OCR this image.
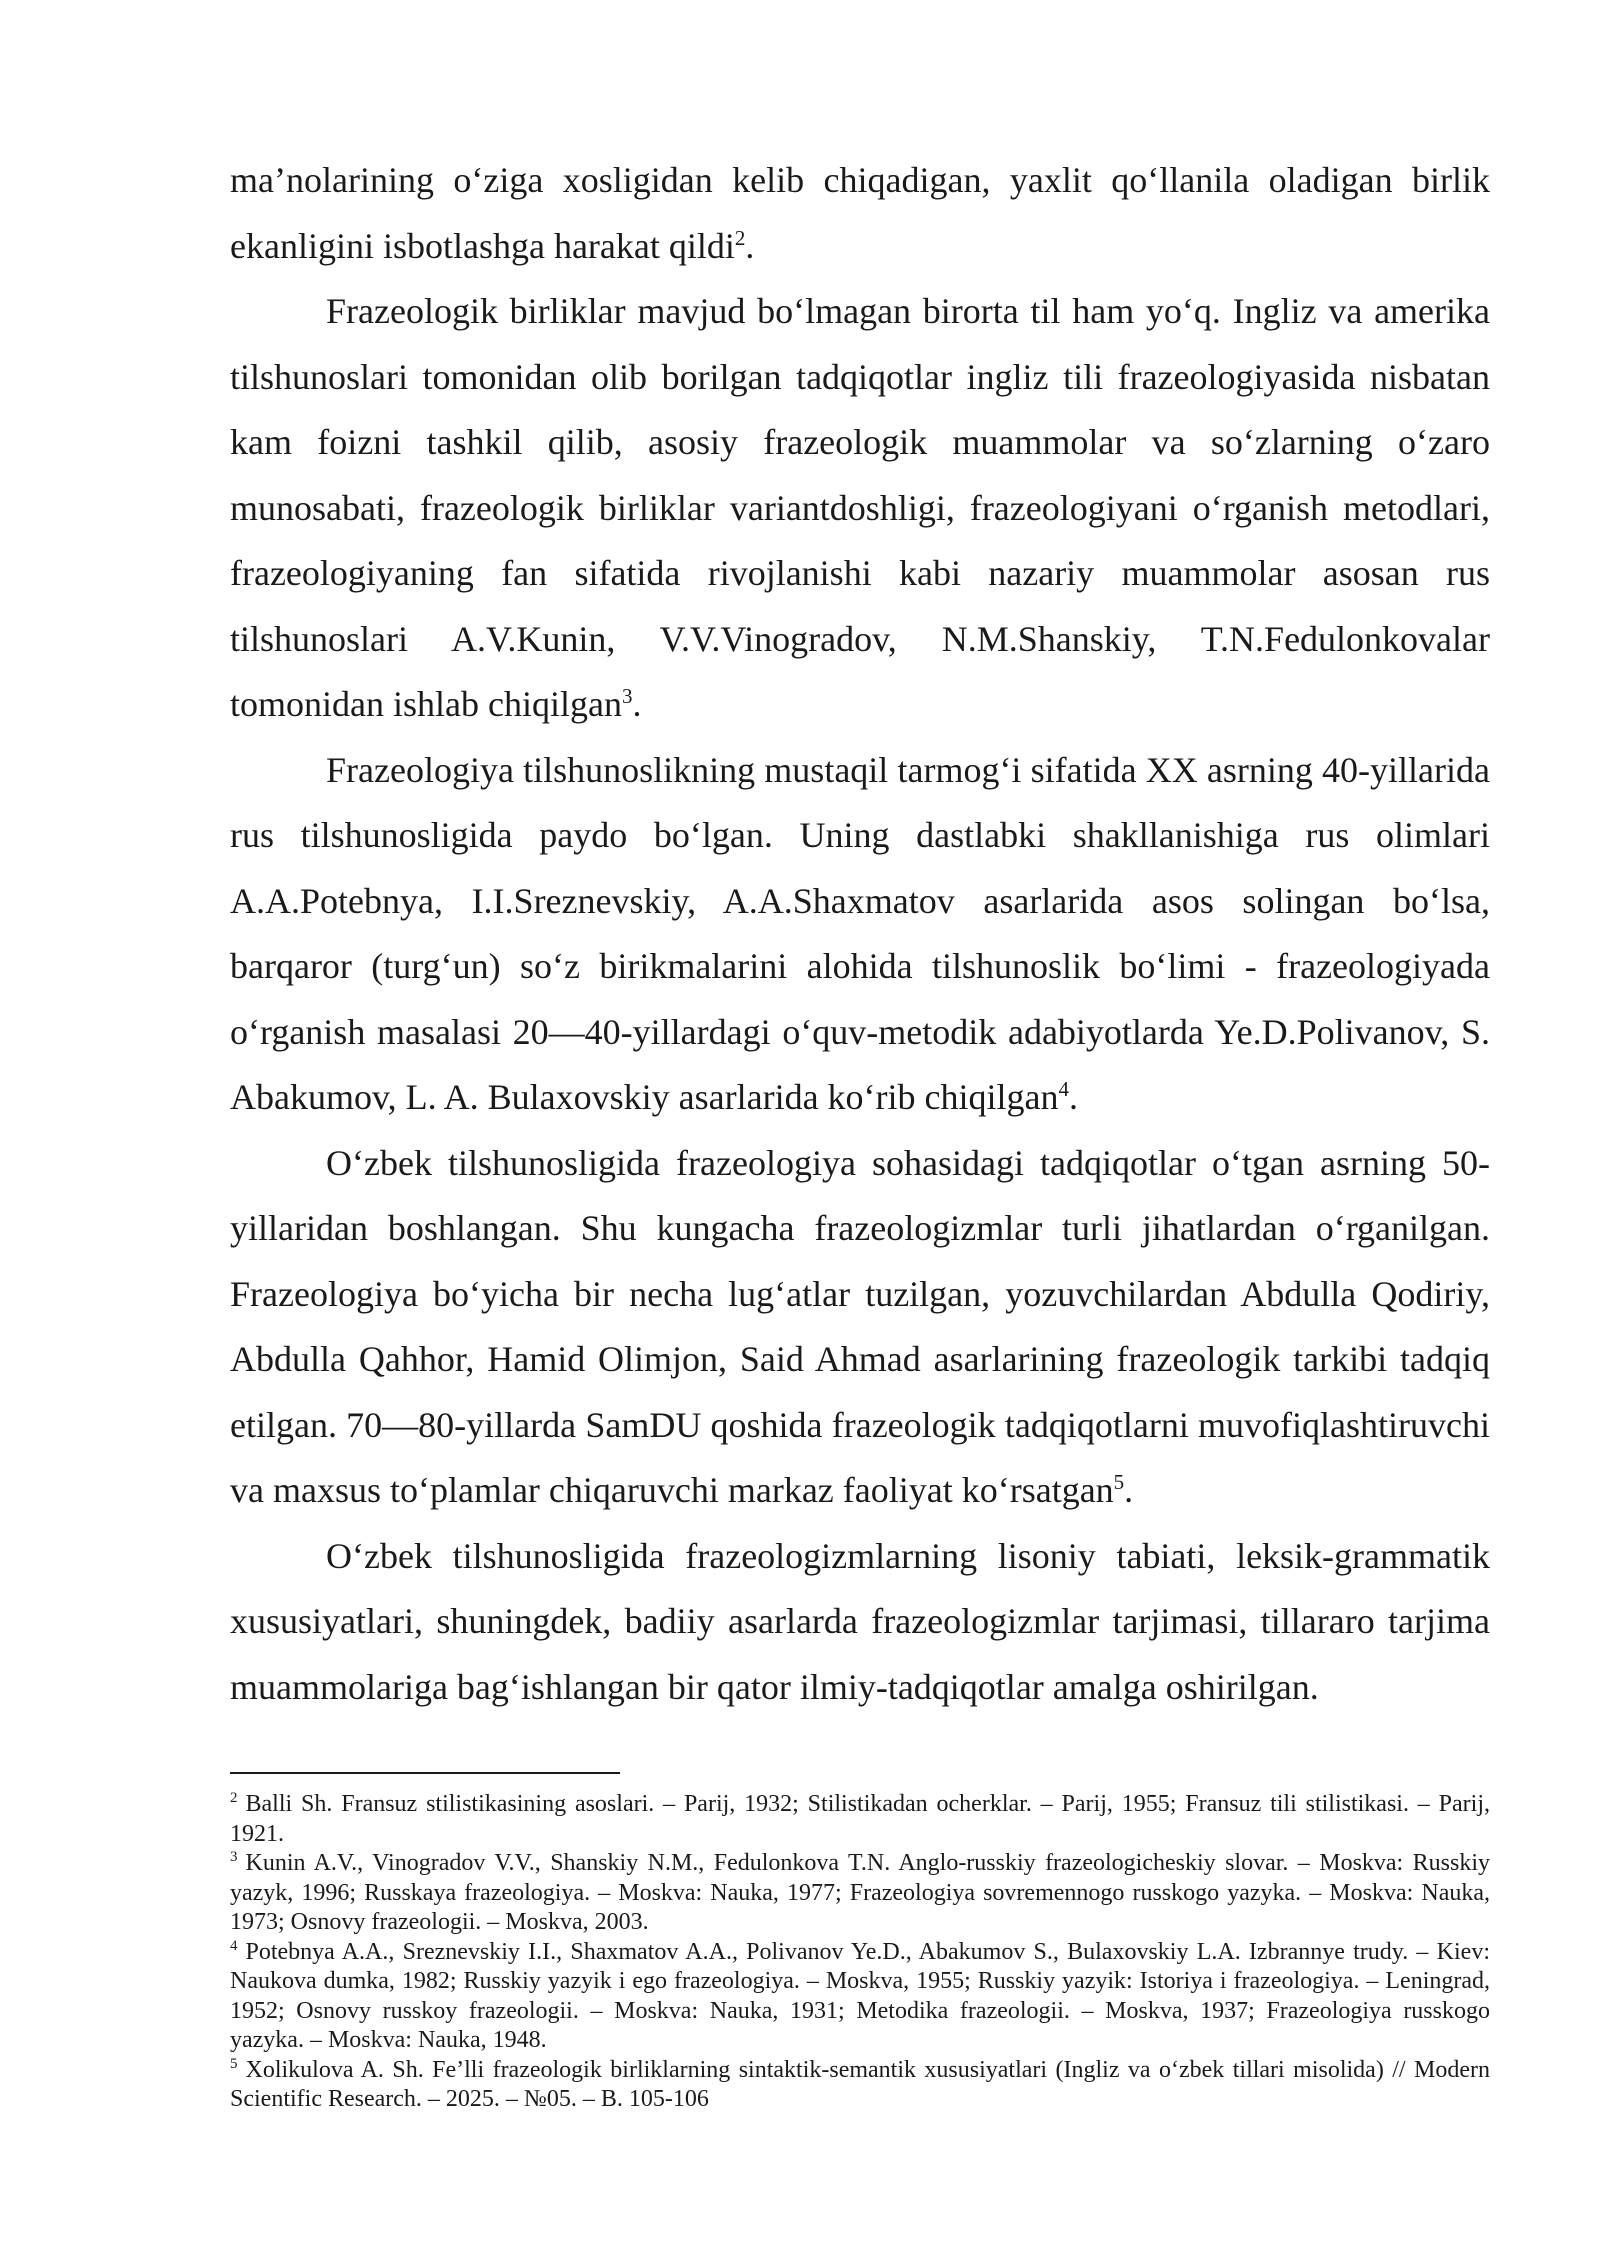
ma’nolarining o‘ziga xosligidan kelib chiqadigan, yaxlit qo‘llanila oladigan birlik ekanligini isbotlashga harakat qildi$^2$.

Frazeologik birliklar mavjud bo‘lmagan birorta til ham yo‘q. Ingliz va amerika tilshunoslari tomonidan olib borilgan tadqiqotlar ingliz tili frazeologiyasida nisbatan kam foizni tashkil qilib, asosiy frazeologik muammolar va so‘zlarning o‘zaro munosabati, frazeologik birliklar variantdoshligi, frazeologiyani o‘rganish metodlari, frazeologiyaning fan sifatida rivojlanishi kabi nazariy muammolar asosan rus tilshunoslari A.V.Kunin, V.V.Vinogradov, N.M.Shanskiy, T.N.Fedulonkovalar tomonidan ishlab chiqilgan$^3$.

Frazeologiya tilshunoslikning mustaqil tarmog‘i sifatida XX asrning 40-yillarida rus tilshunosligida paydo bo‘lgan. Uning dastlabki shakllanishiga rus olimlari A.A.Potebnya, I.I.Sreznevskiy, A.A.Shaxmatov asarlarida asos solingan bo‘lsa, barqaror (turg‘un) so‘z birikmalarini alohida tilshunoslik bo‘limi - frazeologiyada o‘rganish masalasi 20—40-yillardagi o‘quv-metodik adabiyotlarda Ye.D.Polivanov, S. Abakumov, L. A. Bulaxovskiy asarlarida ko‘rib chiqilgan$^4$.

O‘zbek tilshunosligida frazeologiya sohasidagi tadqiqotlar o‘tgan asrning 50-yillaridan boshlangan. Shu kungacha frazeologizmlar turli jihatlardan o‘rganilgan. Frazeologiya bo‘yicha bir necha lug‘atlar tuzilgan, yozuvchilardan Abdulla Qodiriy, Abdulla Qahhor, Hamid Olimjon, Said Ahmad asarlarining frazeologik tarkibi tadqiq etilgan. 70—80-yillarda SamDU qoshida frazeologik tadqiqotlarni muvofiqlashtiruvchi va maxsus to‘plamlar chiqaruvchi markaz faoliyat ko‘rsatgan$^5$.

O‘zbek tilshunosligida frazeologizmlarning lisoniy tabiati, leksik-grammatik xususiyatlari, shuningdek, badiiy asarlarda frazeologizmlar tarjimasi, tillararo tarjima muammolariga bag‘ishlangan bir qator ilmiy-tadqiqotlar amalga oshirilgan.

$^2$ Balli Sh. Fransuz stilistikasining asoslari. – Parij, 1932; Stilistikadan ocherklar. – Parij, 1955; Fransuz tili stilistikasi. – Parij, 1921.

$^3$ Kunin A.V., Vinogradov V.V., Shanskiy N.M., Fedulonkova T.N. Anglo-russkiy frazeologicheskiy slovar. – Moskva: Russkiy yazyk, 1996; Russkaya frazeologiya. – Moskva: Nauka, 1977; Frazeologiya sovremennogo russkogo yazyka. – Moskva: Nauka, 1973; Osnovy frazeologii. – Moskva, 2003.

$^4$ Potebnya A.A., Sreznevskiy I.I., Shaxmatov A.A., Polivanov Ye.D., Abakumov S., Bulaxovskiy L.A. Izbrannye trudy. – Kiev: Naukova dumka, 1982; Russkiy yazyik i ego frazeologiya. – Moskva, 1955; Russkiy yazyik: Istoriya i frazeologiya. – Leningrad, 1952; Osnovy russkoy frazeologii. – Moskva: Nauka, 1931; Metodika frazeologii. – Moskva, 1937; Frazeologiya russkogo yazyka. – Moskva: Nauka, 1948.

$^5$ Xolikulova A. Sh. Fe’lli frazeologik birliklarning sintaktik-semantik xususiyatlari (Ingliz va o‘zbek tillari misolida) // Modern Scientific Research. – 2025. – №05. – B. 105-106
